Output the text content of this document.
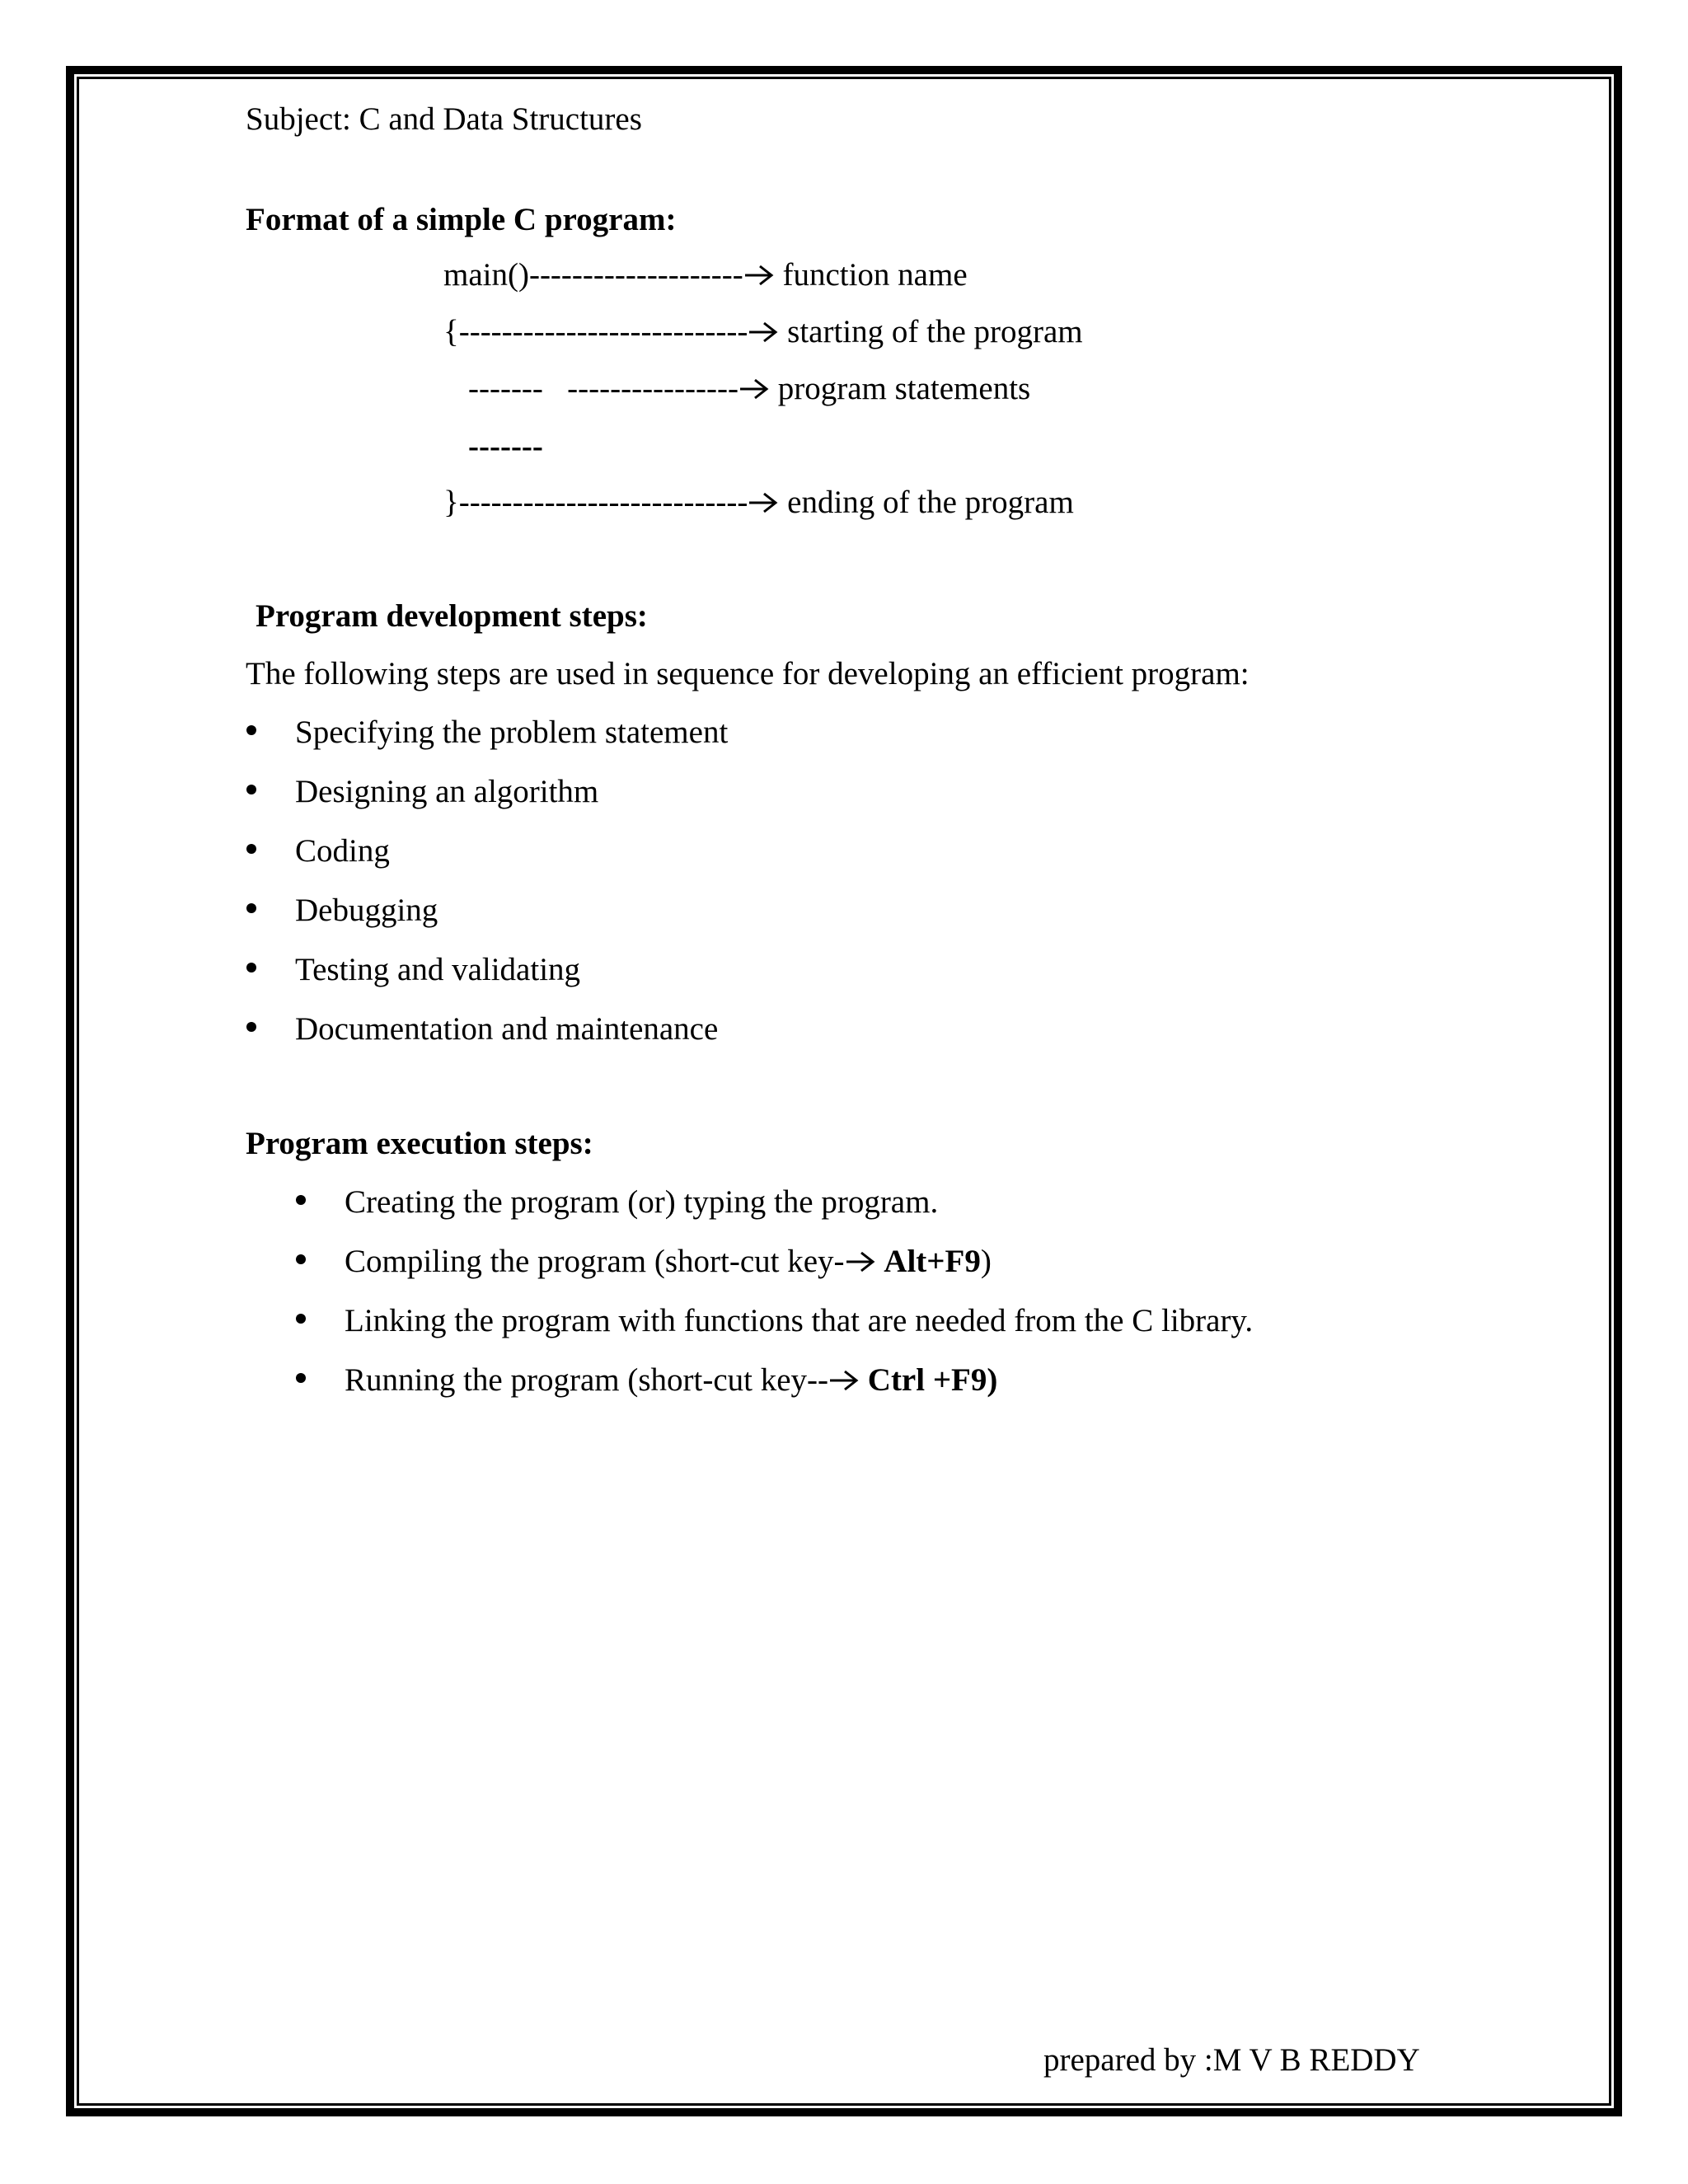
Subject: C and Data Structures
Format of a simple C program:
main()-------------------- function name
{--------------------------- starting of the program
-------   ---------------- program statements
-------
}--------------------------- ending of the program
Program development steps:
The following steps are used in sequence for developing an efficient program:
Specifying the problem statement
Designing an algorithm
Coding
Debugging
Testing and validating
Documentation and maintenance
Program execution steps:
Creating the program (or) typing the program.
Compiling the program (short-cut key- Alt+F9)
Linking the program with functions that are needed from the C library.
Running the program (short-cut key-- Ctrl +F9)
prepared by :M V B REDDY
